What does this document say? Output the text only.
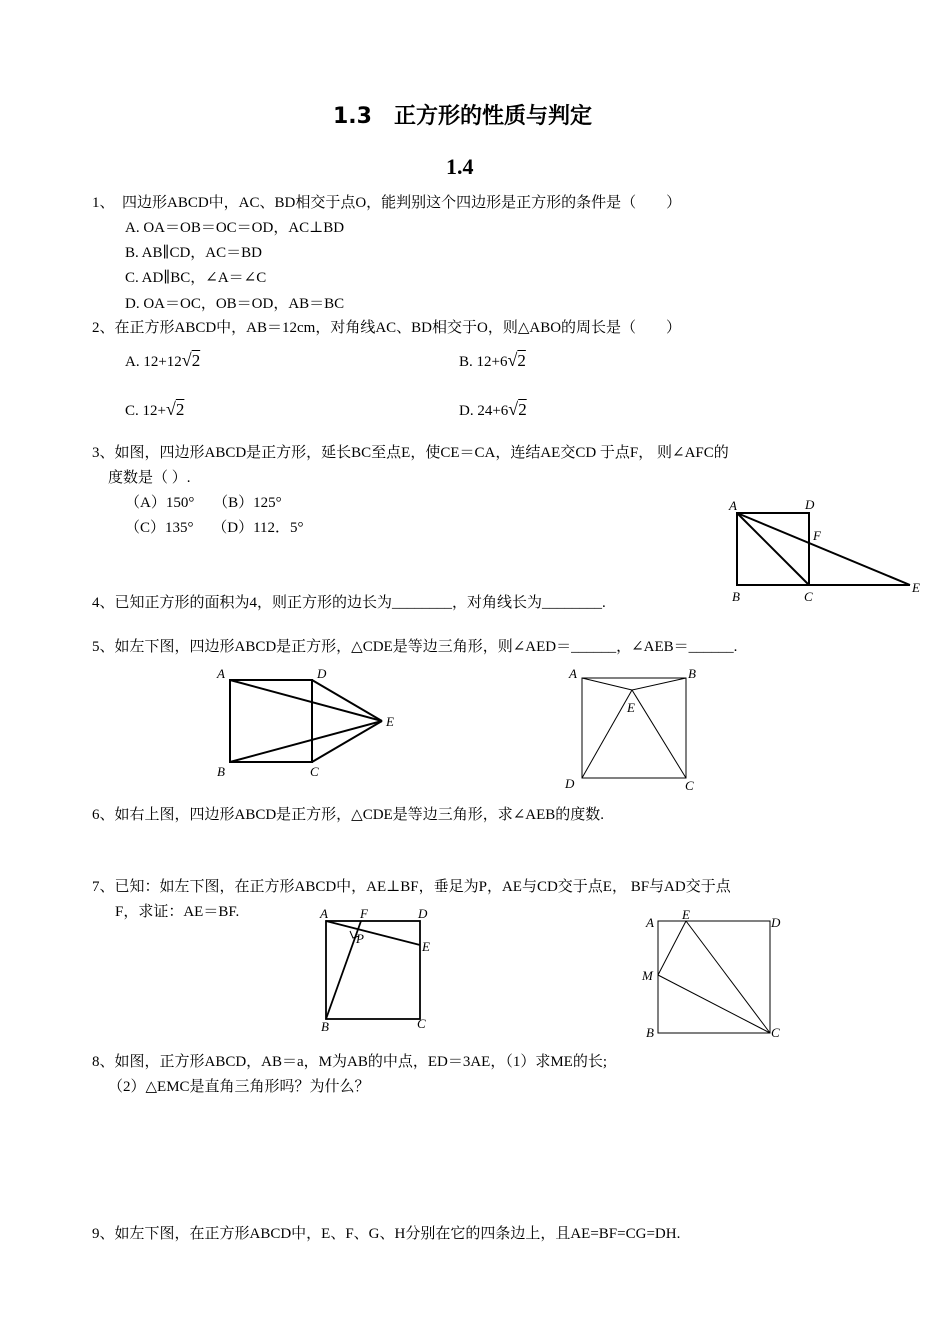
1.3　正方形的性质与判定
1.4
1、　四边形ABCD中，AC、BD相交于点O，能判别这个四边形是正方形的条件是（　　）
A. OA＝OB＝OC＝OD，AC⊥BD
B. AB∥CD，AC＝BD
C. AD∥BC，∠A＝∠C
D. OA＝OC，OB＝OD，AB＝BC
2、在正方形ABCD中，AB＝12cm，对角线AC、BD相交于O，则△ABO的周长是（　　）
A. 12+12√2	B. 12+6√2
C. 12+√2	D. 24+6√2
3、如图，四边形ABCD是正方形，延长BC至点E，使CE＝CA，连结AE交CD 于点F， 则∠AFC的
度数是（ ）.
（A）150°　 （B）125°
（C）135°　 （D）112．5°
A	D
F
B	C
E
4、已知正方形的面积为4，则正方形的边长为________，对角线长为________.
5、如左下图，四边形ABCD是正方形，△CDE是等边三角形，则∠AED＝______，∠AEB＝______.
A	D
E
B	C
A	B
E
D	C
6、如右上图，四边形ABCD是正方形，△CDE是等边三角形，求∠AEB的度数.
7、已知：如左下图，在正方形ABCD中，AE⊥BF，垂足为P，AE与CD交于点E， BF与AD交于点
F，求证：AE＝BF.	A F	D
P
E
B	C
A
E
D
M
B	C
8、如图，正方形ABCD，AB＝a，M为AB的中点，ED＝3AE，（1）求ME的长;
（2）△EMC是直角三角形吗？为什么？
9、如左下图，在正方形ABCD中，E、F、G、H分别在它的四条边上，且AE=BF=CG=DH.
